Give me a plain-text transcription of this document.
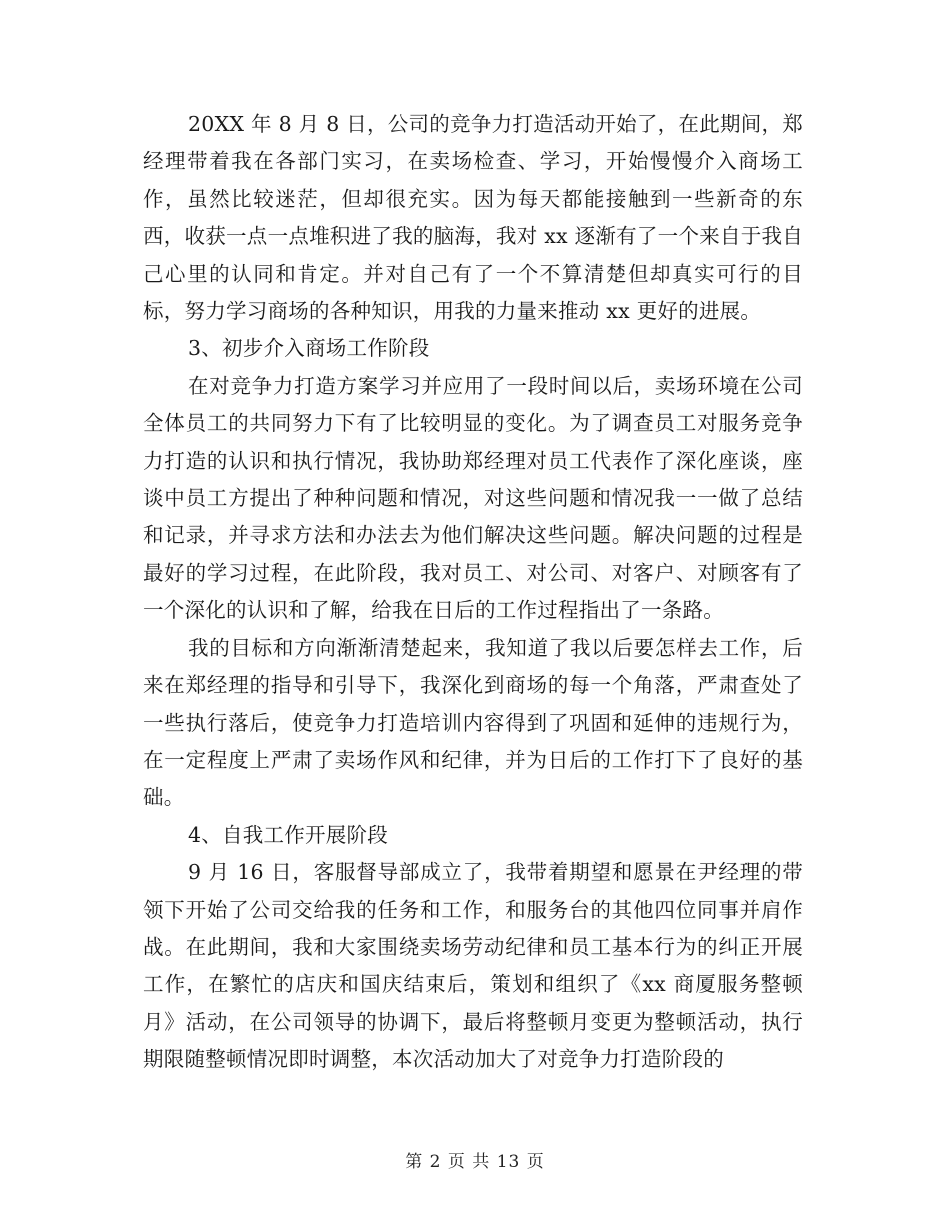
20XX 年 8 月 8 日，公司的竞争力打造活动开始了，在此期间，郑经理带着我在各部门实习，在卖场检查、学习，开始慢慢介入商场工作，虽然比较迷茫，但却很充实。因为每天都能接触到一些新奇的东西，收获一点一点堆积进了我的脑海，我对 xx 逐渐有了一个来自于我自己心里的认同和肯定。并对自己有了一个不算清楚但却真实可行的目标，努力学习商场的各种知识，用我的力量来推动 xx 更好的进展。

3、初步介入商场工作阶段

在对竞争力打造方案学习并应用了一段时间以后，卖场环境在公司全体员工的共同努力下有了比较明显的变化。为了调查员工对服务竞争力打造的认识和执行情况，我协助郑经理对员工代表作了深化座谈，座谈中员工方提出了种种问题和情况，对这些问题和情况我一一做了总结和记录，并寻求方法和办法去为他们解决这些问题。解决问题的过程是最好的学习过程，在此阶段，我对员工、对公司、对客户、对顾客有了一个深化的认识和了解，给我在日后的工作过程指出了一条路。

我的目标和方向渐渐清楚起来，我知道了我以后要怎样去工作，后来在郑经理的指导和引导下，我深化到商场的每一个角落，严肃查处了一些执行落后，使竞争力打造培训内容得到了巩固和延伸的违规行为，在一定程度上严肃了卖场作风和纪律，并为日后的工作打下了良好的基础。

4、自我工作开展阶段

9 月 16 日，客服督导部成立了，我带着期望和愿景在尹经理的带领下开始了公司交给我的任务和工作，和服务台的其他四位同事并肩作战。在此期间，我和大家围绕卖场劳动纪律和员工基本行为的纠正开展工作，在繁忙的店庆和国庆结束后，策划和组织了《xx 商厦服务整顿月》活动，在公司领导的协调下，最后将整顿月变更为整顿活动，执行期限随整顿情况即时调整，本次活动加大了对竞争力打造阶段的

第 2 页 共 13 页
